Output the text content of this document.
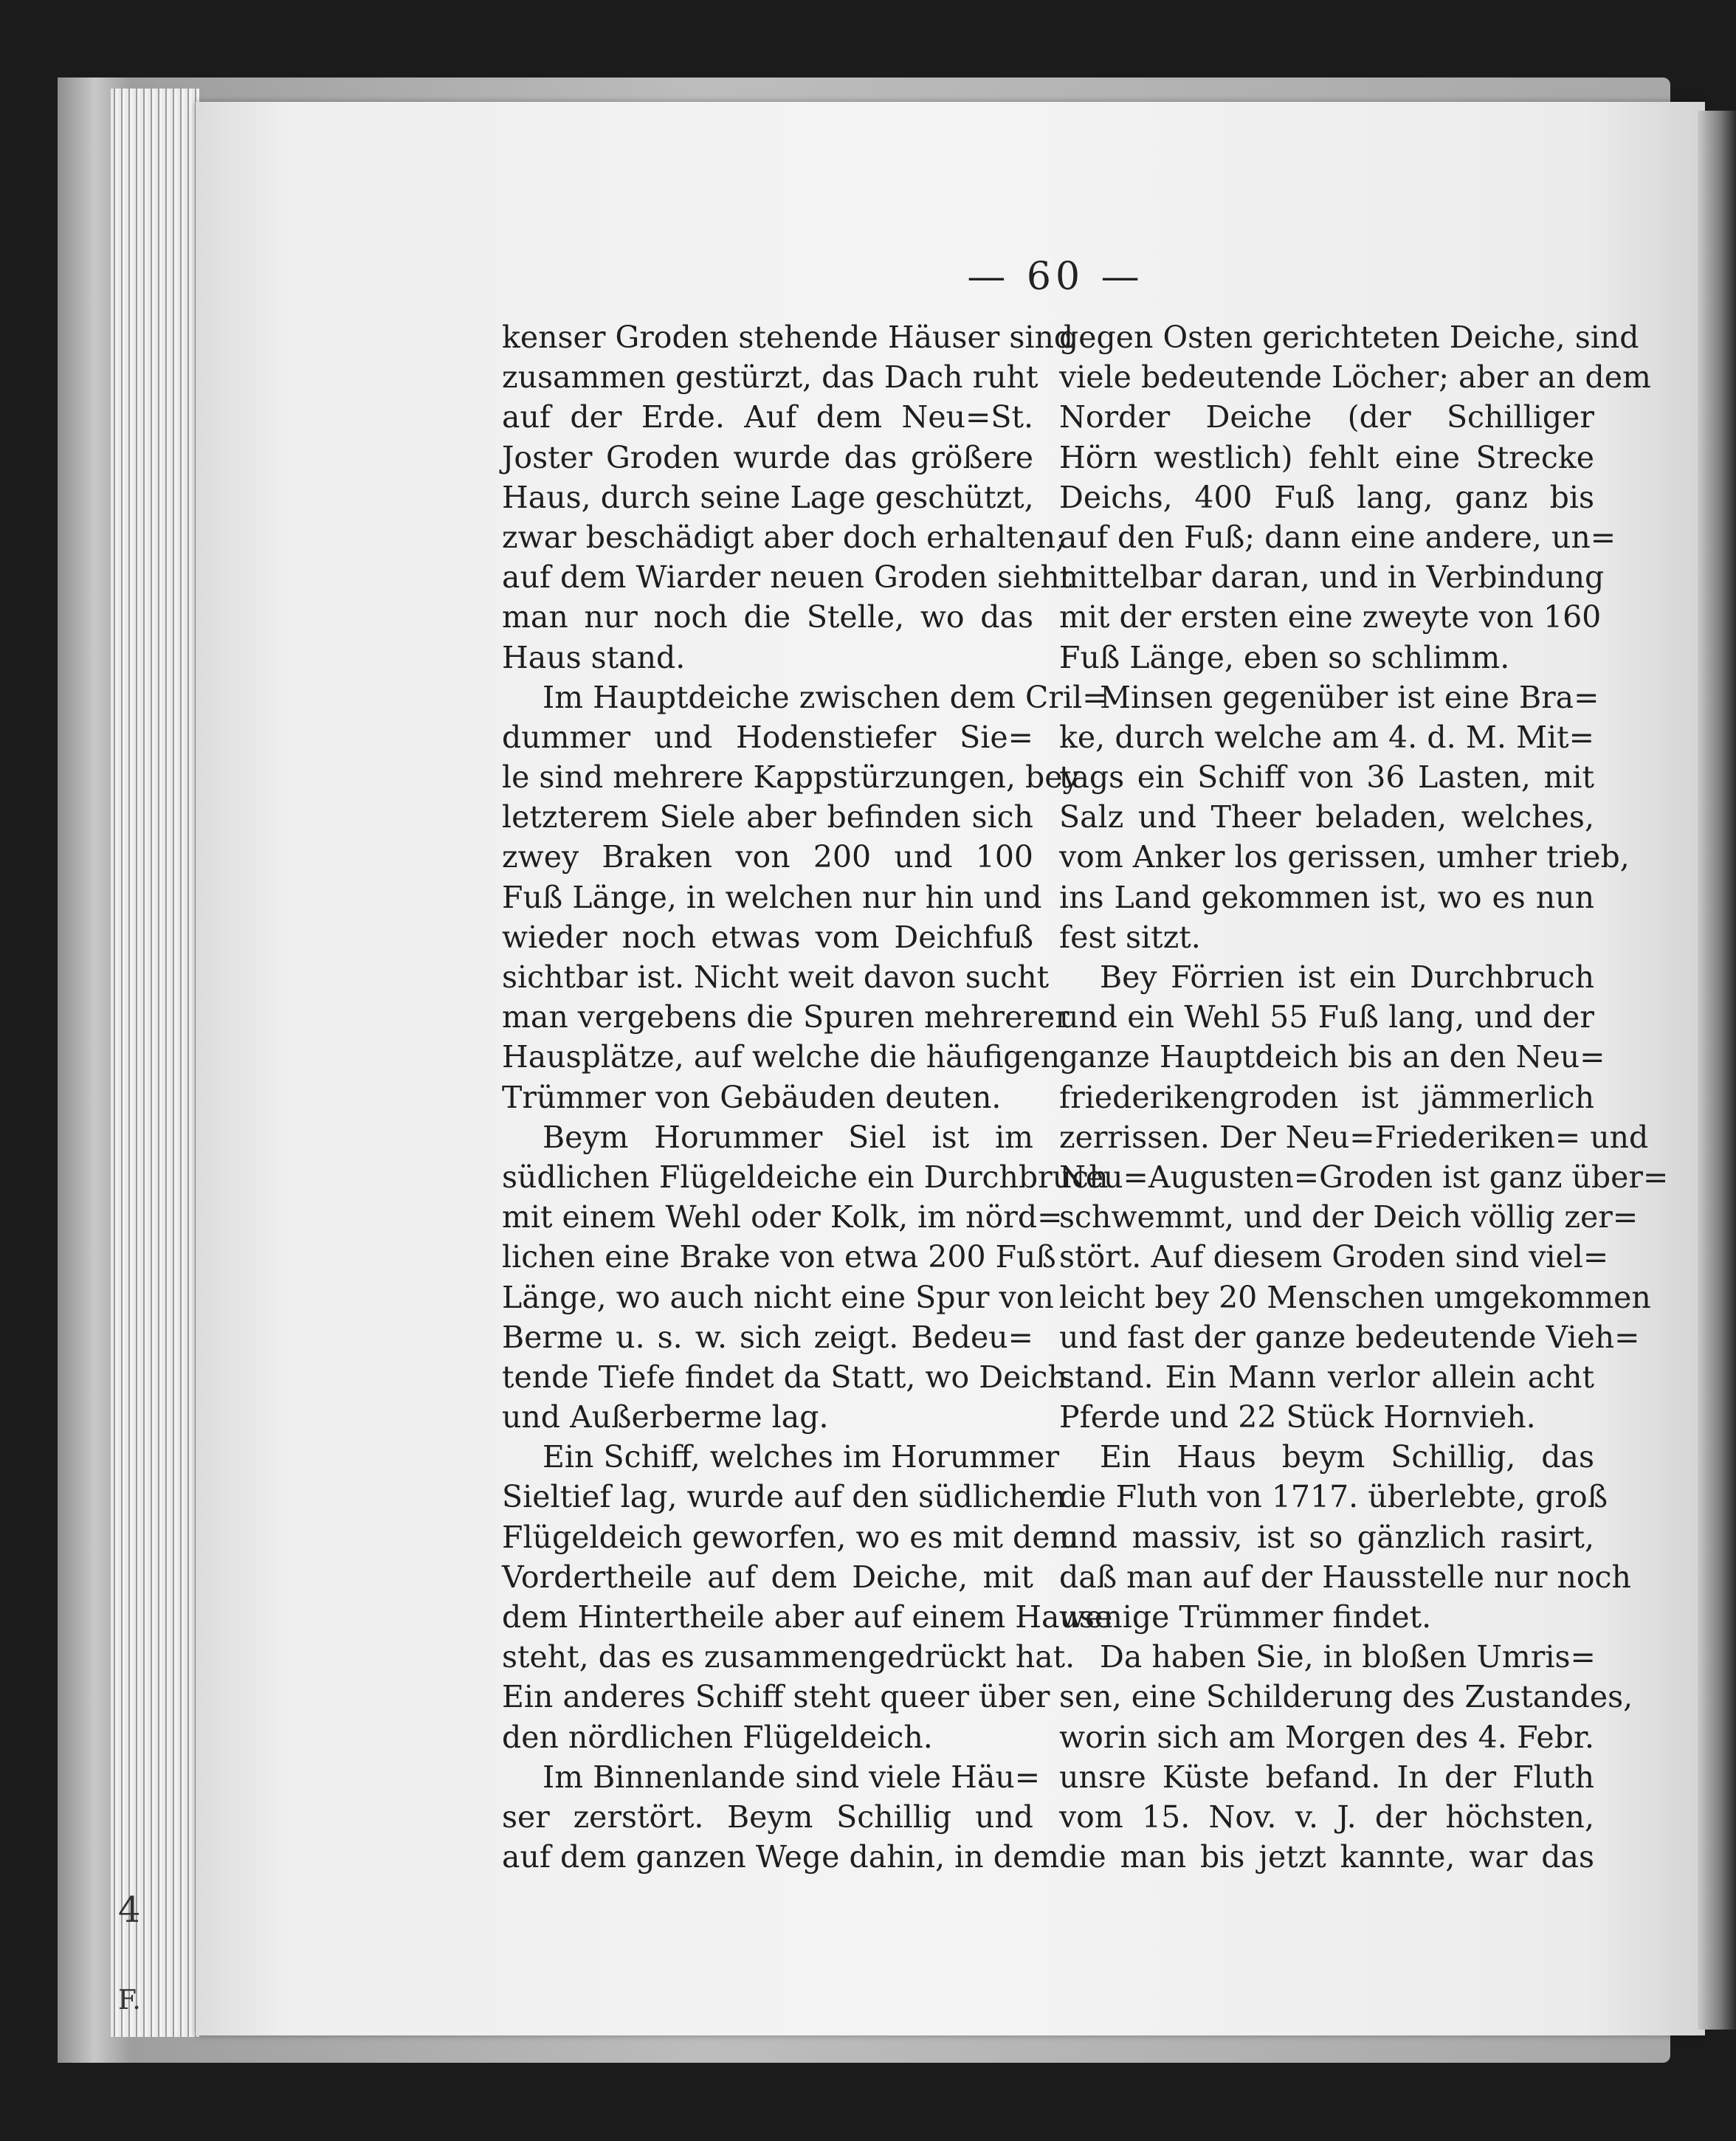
4
F.
— 60 —
kenser Groden stehende Häuser sind
zusammen gestürzt, das Dach ruht
auf der Erde. Auf dem Neu=St.
Joster Groden wurde das größere
Haus, durch seine Lage geschützt,
zwar beschädigt aber doch erhalten;
auf dem Wiarder neuen Groden sieht
man nur noch die Stelle, wo das
Haus stand.
Im Hauptdeiche zwischen dem Cril=
dummer und Hodenstiefer Sie=
le sind mehrere Kappstürzungen, bey
letzterem Siele aber befinden sich
zwey Braken von 200 und 100
Fuß Länge, in welchen nur hin und
wieder noch etwas vom Deichfuß
sichtbar ist. Nicht weit davon sucht
man vergebens die Spuren mehrerer
Hausplätze, auf welche die häufigen
Trümmer von Gebäuden deuten.
Beym Horummer Siel ist im
südlichen Flügeldeiche ein Durchbruch
mit einem Wehl oder Kolk, im nörd=
lichen eine Brake von etwa 200 Fuß
Länge, wo auch nicht eine Spur von
Berme u. s. w. sich zeigt. Bedeu=
tende Tiefe findet da Statt, wo Deich
und Außerberme lag.
Ein Schiff, welches im Horummer
Sieltief lag, wurde auf den südlichen
Flügeldeich geworfen, wo es mit dem
Vordertheile auf dem Deiche, mit
dem Hintertheile aber auf einem Hause
steht, das es zusammengedrückt hat.
Ein anderes Schiff steht queer über
den nördlichen Flügeldeich.
Im Binnenlande sind viele Häu=
ser zerstört. Beym Schillig und
auf dem ganzen Wege dahin, in dem
gegen Osten gerichteten Deiche, sind
viele bedeutende Löcher; aber an dem
Norder Deiche (der Schilliger
Hörn westlich) fehlt eine Strecke
Deichs, 400 Fuß lang, ganz bis
auf den Fuß; dann eine andere, un=
mittelbar daran, und in Verbindung
mit der ersten eine zweyte von 160
Fuß Länge, eben so schlimm.
Minsen gegenüber ist eine Bra=
ke, durch welche am 4. d. M. Mit=
tags ein Schiff von 36 Lasten, mit
Salz und Theer beladen, welches,
vom Anker los gerissen, umher trieb,
ins Land gekommen ist, wo es nun
fest sitzt.
Bey Förrien ist ein Durchbruch
und ein Wehl 55 Fuß lang, und der
ganze Hauptdeich bis an den Neu=
friederikengroden ist jämmerlich
zerrissen. Der Neu=Friederiken= und
Neu=Augusten=Groden ist ganz über=
schwemmt, und der Deich völlig zer=
stört. Auf diesem Groden sind viel=
leicht bey 20 Menschen umgekommen
und fast der ganze bedeutende Vieh=
stand. Ein Mann verlor allein acht
Pferde und 22 Stück Hornvieh.
Ein Haus beym Schillig, das
die Fluth von 1717. überlebte, groß
und massiv, ist so gänzlich rasirt,
daß man auf der Hausstelle nur noch
wenige Trümmer findet.
Da haben Sie, in bloßen Umris=
sen, eine Schilderung des Zustandes,
worin sich am Morgen des 4. Febr.
unsre Küste befand. In der Fluth
vom 15. Nov. v. J. der höchsten,
die man bis jetzt kannte, war das
